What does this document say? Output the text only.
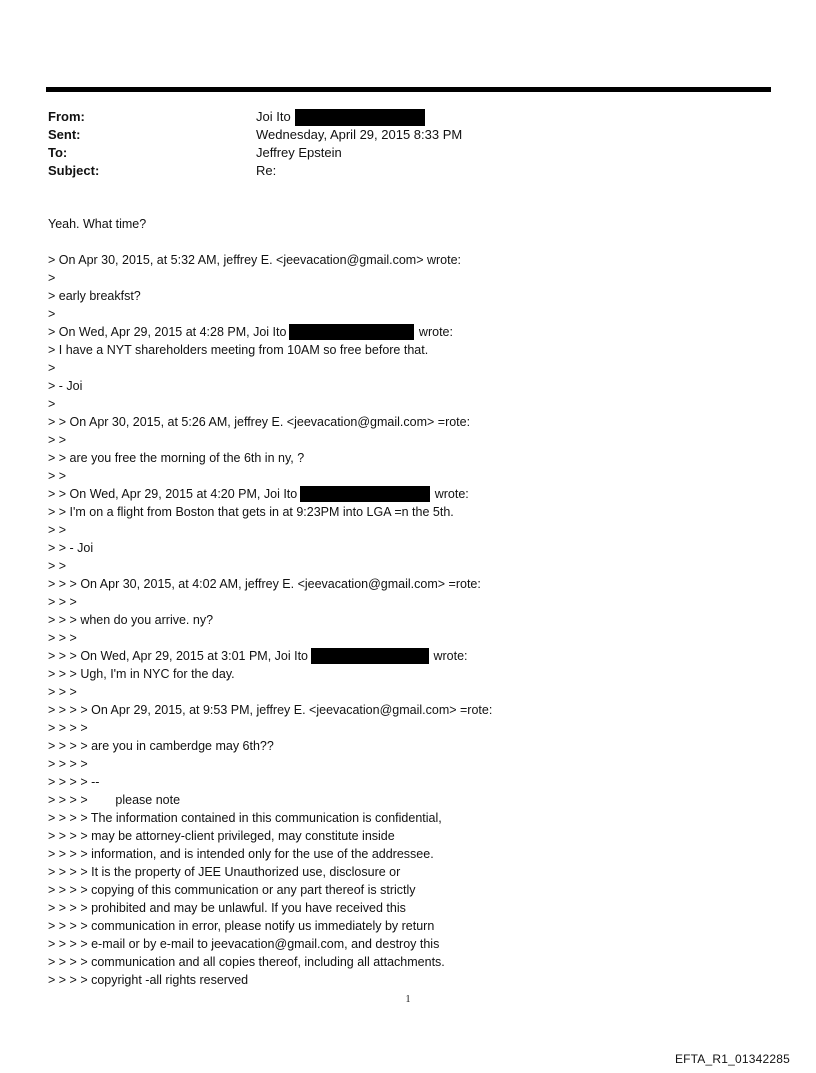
From:	Joi Ito
Sent:	Wednesday, April 29, 2015 8:33 PM
To:	Jeffrey Epstein
Subject:	Re:
Yeah. What time?
> On Apr 30, 2015, at 5:32 AM, jeffrey E. <jeevacation@gmail.com> wrote:
>
> early breakfst?
>
> On Wed, Apr 29, 2015 at 4:28 PM, Joi Ito	wrote:
> I have a NYT shareholders meeting from 10AM so free before that.
>
> - Joi
>
> > On Apr 30, 2015, at 5:26 AM, jeffrey E. <jeevacation@gmail.com> =rote:
> >
> > are you free the morning of the 6th in ny, ?
> >
> > On Wed, Apr 29, 2015 at 4:20 PM, Joi Ito	wrote:
> > I'm on a flight from Boston that gets in at 9:23PM into LGA =n the 5th.
> >
> > - Joi
> >
> > > On Apr 30, 2015, at 4:02 AM, jeffrey E. <jeevacation@gmail.com> =rote:
> > >
> > > when do you arrive. ny?
> > >
> > > On Wed, Apr 29, 2015 at 3:01 PM, Joi Ito	wrote:
> > > Ugh, I'm in NYC for the day.
> > >
> > > > On Apr 29, 2015, at 9:53 PM, jeffrey E. <jeevacation@gmail.com> =rote:
> > > >
> > > > are you in camberdge may 6th??
> > > >
> > > > --
> > > >        please note
> > > > The information contained in this communication is confidential,
> > > > may be attorney-client privileged, may constitute inside
> > > > information, and is intended only for the use of the addressee.
> > > > It is the property of JEE Unauthorized use, disclosure or
> > > > copying of this communication or any part thereof is strictly
> > > > prohibited and may be unlawful. If you have received this
> > > > communication in error, please notify us immediately by return
> > > > e-mail or by e-mail to jeevacation@gmail.com, and destroy this
> > > > communication and all copies thereof, including all attachments.
> > > > copyright -all rights reserved
1
EFTA_R1_01342285
